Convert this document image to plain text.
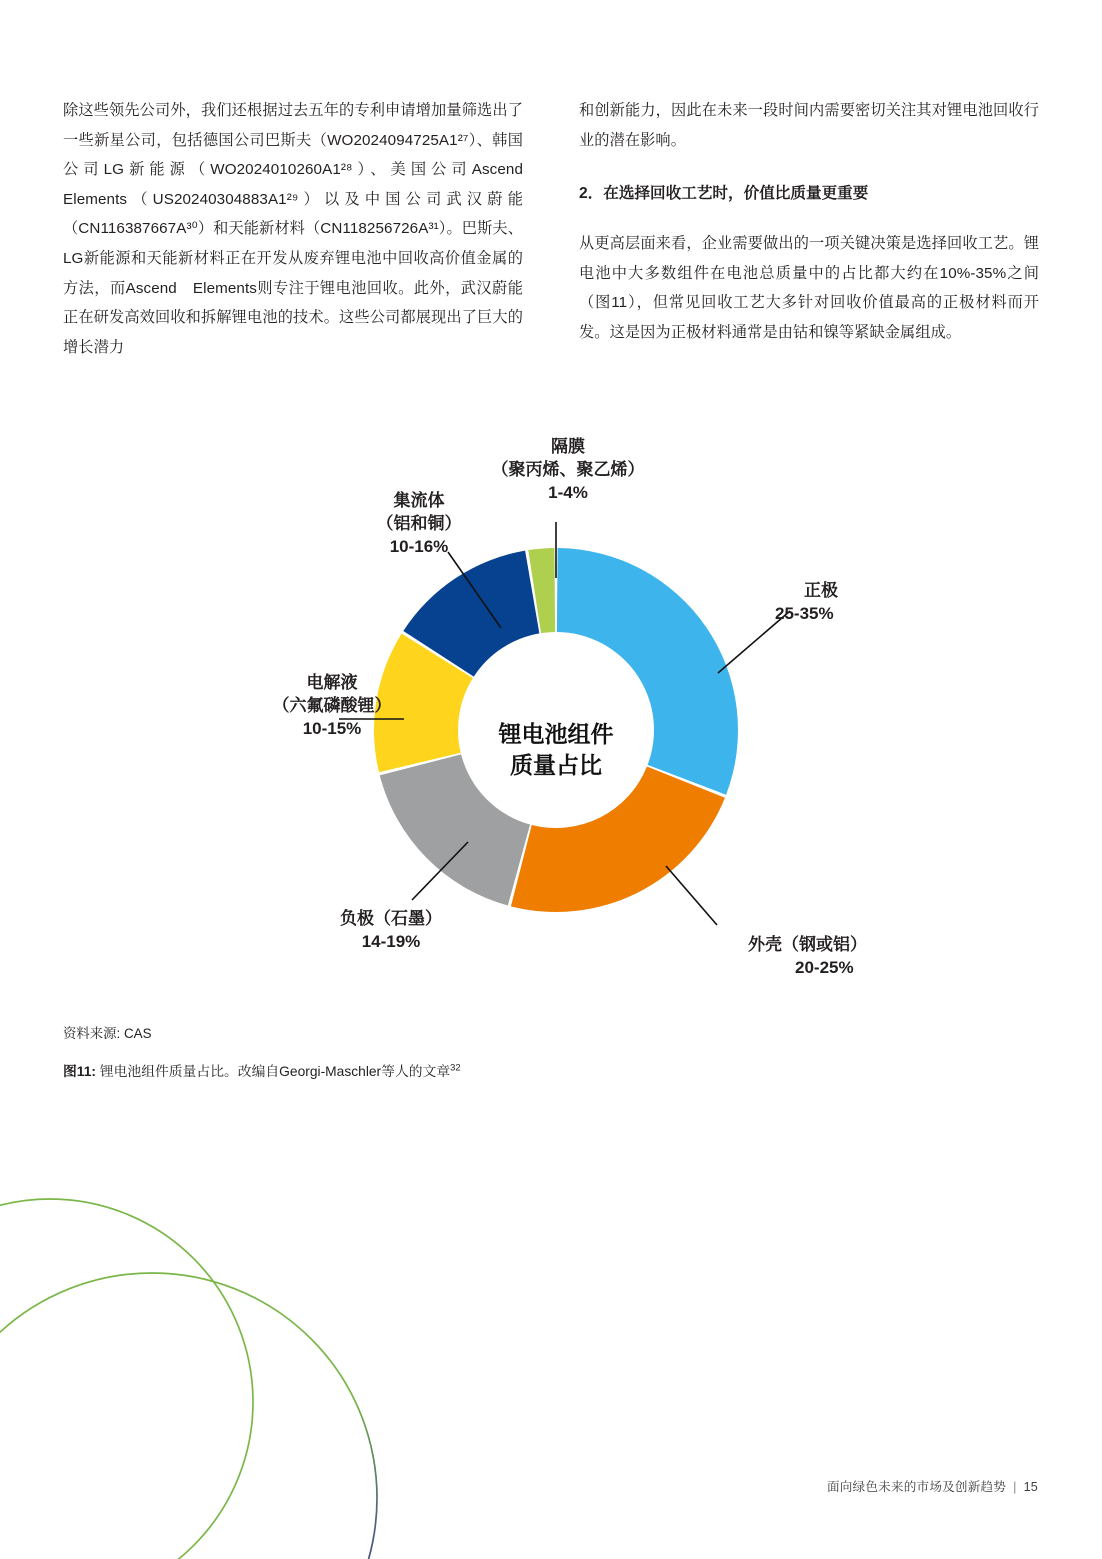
除这些领先公司外，我们还根据过去五年的专利申请增加量筛选出了一些新星公司，包括德国公司巴斯夫（WO2024094725A1²⁷）、韩国公司LG新能源（WO2024010260A1²⁸）、美国公司Ascend　Elements（US20240304883A1²⁹）以及中国公司武汉蔚能（CN116387667A³⁰）和天能新材料（CN118256726A³¹）。巴斯夫、LG新能源和天能新材料正在开发从废弃锂电池中回收高价值金属的方法，而Ascend　Elements则专注于锂电池回收。此外，武汉蔚能正在研发高效回收和拆解锂电池的技术。这些公司都展现出了巨大的增长潜力

和创新能力，因此在未来一段时间内需要密切关注其对锂电池回收行业的潜在影响。

2．在选择回收工艺时，价值比质量更重要

从更高层面来看，企业需要做出的一项关键决策是选择回收工艺。锂电池中大多数组件在电池总质量中的占比都大约在10%-35%之间（图11），但常见回收工艺大多针对回收价值最高的正极材料而开发。这是因为正极材料通常是由钴和镍等紧缺金属组成。

锂电池组件
质量占比
隔膜
（聚丙烯、聚乙烯）
1-4%
集流体
（铝和铜）
10-16%
电解液
（六氟磷酸锂）
10-15%
负极（石墨）
14-19%
正极
25-35%
外壳（钢或铝）
20-25%
资料来源: CAS
图11: 锂电池组件质量占比。改编自Georgi-Maschler等人的文章$^{32}$
面向绿色未来的市场及创新趋势 | 15
